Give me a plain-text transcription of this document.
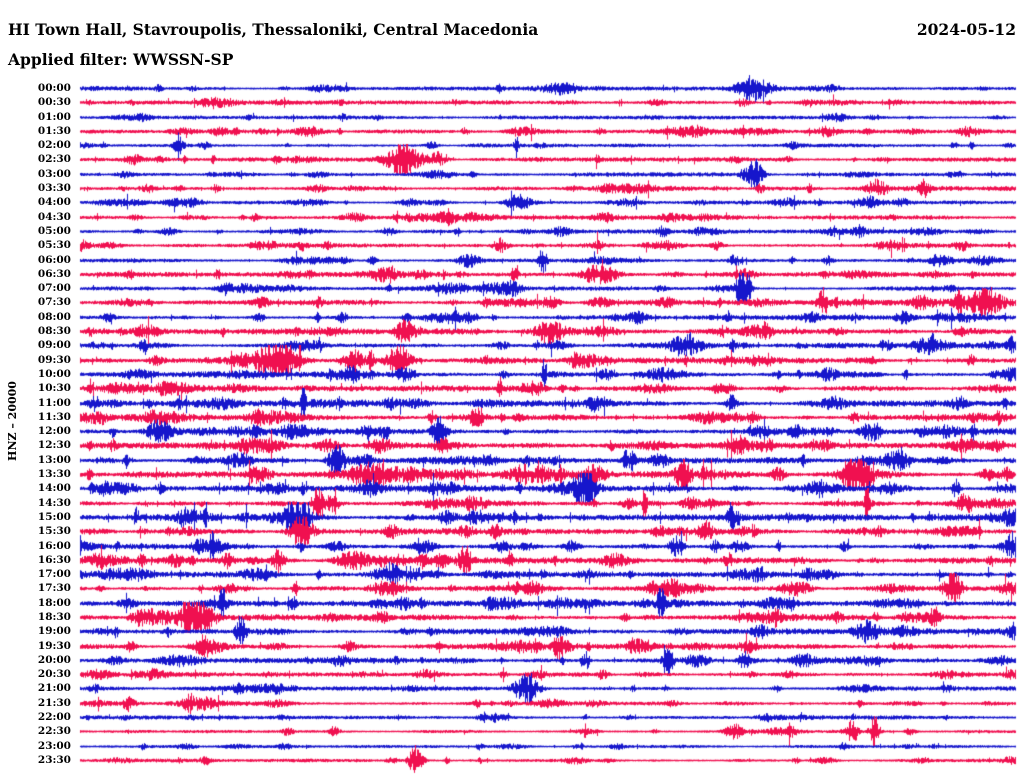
HI Town Hall, Stavroupolis, Thessaloniki, Central Macedonia	2024-05-12
Applied filter: WWSSN-SP
HNZ – 20000
00:00
00:30
01:00
01:30
02:00
02:30
03:00
03:30
04:00
04:30
05:00
05:30
06:00
06:30
07:00
07:30
08:00
08:30
09:00
09:30
10:00
10:30
11:00
11:30
12:00
12:30
13:00
13:30
14:00
14:30
15:00
15:30
16:00
16:30
17:00
17:30
18:00
18:30
19:00
19:30
20:00
20:30
21:00
21:30
22:00
22:30
23:00
23:30
